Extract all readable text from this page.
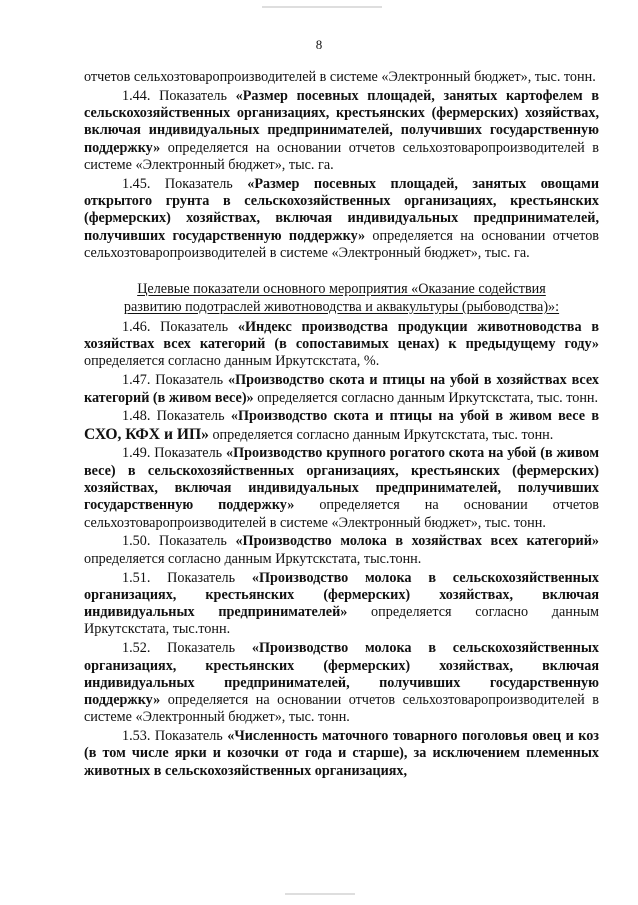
8

отчетов сельхозтоваропроизводителей в системе «Электронный бюджет», тыс. тонн.

1.44. Показатель «Размер посевных площадей, занятых картофелем в сельскохозяйственных организациях, крестьянских (фермерских) хозяйствах, включая индивидуальных предпринимателей, получивших государственную поддержку» определяется на основании отчетов сельхозтоваропроизводителей в системе «Электронный бюджет», тыс. га.

1.45. Показатель «Размер посевных площадей, занятых овощами открытого грунта в сельскохозяйственных организациях, крестьянских (фермерских) хозяйствах, включая индивидуальных предпринимателей, получивших государственную поддержку» определяется на основании отчетов сельхозтоваропроизводителей в системе «Электронный бюджет», тыс. га.

Целевые показатели основного мероприятия «Оказание содействия
развитию подотраслей животноводства и аквакультуры (рыбоводства)»:

1.46. Показатель «Индекс производства продукции животноводства в хозяйствах всех категорий (в сопоставимых ценах) к предыдущему году» определяется согласно данным Иркутскстата, %.

1.47. Показатель «Производство скота и птицы на убой в хозяйствах всех категорий (в живом весе)» определяется согласно данным Иркутскстата, тыс. тонн.

1.48. Показатель «Производство скота и птицы на убой в живом весе в СХО, КФХ и ИП» определяется согласно данным Иркутскстата, тыс. тонн.

1.49. Показатель «Производство крупного рогатого скота на убой (в живом весе) в сельскохозяйственных организациях, крестьянских (фермерских) хозяйствах, включая индивидуальных предпринимателей, получивших государственную поддержку» определяется на основании отчетов сельхозтоваропроизводителей в системе «Электронный бюджет», тыс. тонн.

1.50. Показатель «Производство молока в хозяйствах всех категорий» определяется согласно данным Иркутскстата, тыс.тонн.

1.51. Показатель «Производство молока в сельскохозяйственных организациях, крестьянских (фермерских) хозяйствах, включая индивидуальных предпринимателей» определяется согласно данным Иркутскстата, тыс.тонн.

1.52. Показатель «Производство молока в сельскохозяйственных организациях, крестьянских (фермерских) хозяйствах, включая индивидуальных предпринимателей, получивших государственную поддержку» определяется на основании отчетов сельхозтоваропроизводителей в системе «Электронный бюджет», тыс. тонн.

1.53. Показатель «Численность маточного товарного поголовья овец и коз (в том числе ярки и козочки от года и старше), за исключением племенных животных в сельскохозяйственных организациях,
